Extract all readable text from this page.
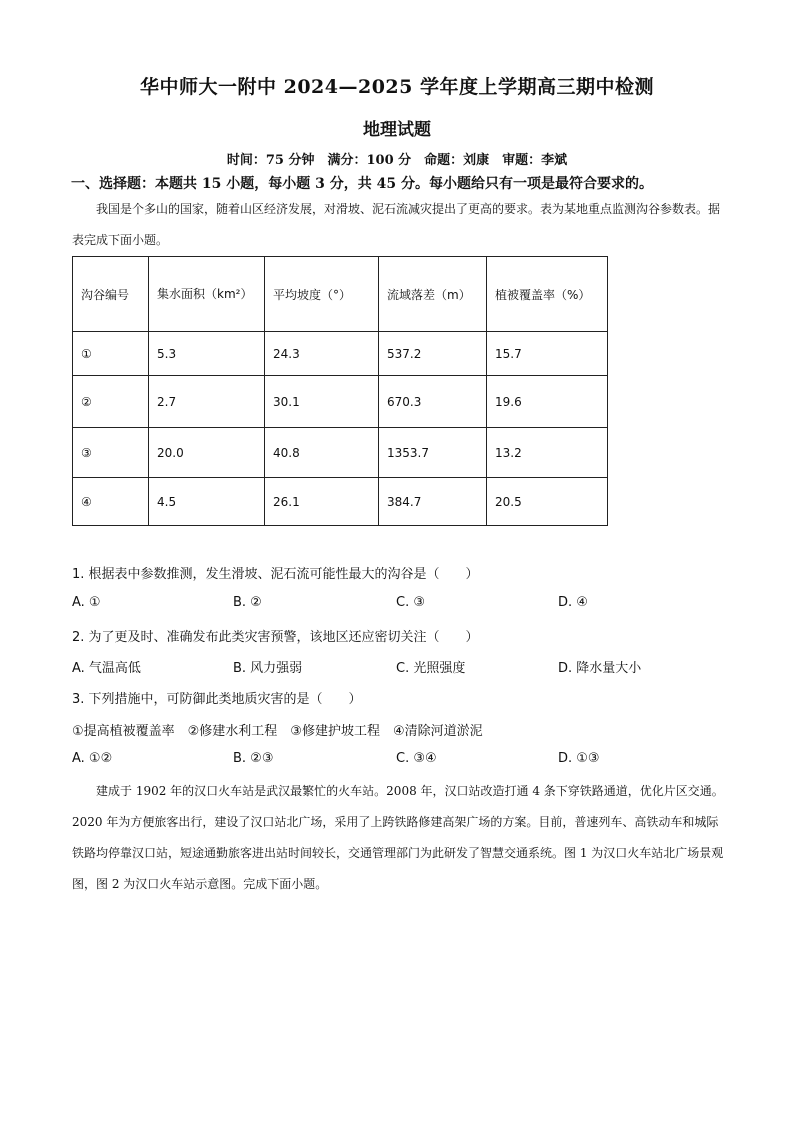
华中师大一附中 2024—2025 学年度上学期高三期中检测
地理试题
时间：75 分钟　满分：100 分　命题：刘康　审题：李斌
一、选择题：本题共 15 小题，每小题 3 分，共 45 分。每小题给只有一项是最符合要求的。
我国是个多山的国家，随着山区经济发展，对滑坡、泥石流减灾提出了更高的要求。表为某地重点监测沟谷参数表。据表完成下面小题。
沟谷编号	集水面积（km²）	平均坡度（°）	流域落差（m）	植被覆盖率（%）
①	5.3	24.3	537.2	15.7
②	2.7	30.1	670.3	19.6
③	20.0	40.8	1353.7	13.2
④	4.5	26.1	384.7	20.5
1. 根据表中参数推测，发生滑坡、泥石流可能性最大的沟谷是（　　）
A. ①	B. ②	C. ③	D. ④
2. 为了更及时、准确发布此类灾害预警，该地区还应密切关注（　　）
A. 气温高低	B. 风力强弱	C. 光照强度	D. 降水量大小
3. 下列措施中，可防御此类地质灾害的是（　　）
①提高植被覆盖率　②修建水利工程　③修建护坡工程　④清除河道淤泥
A. ①②	B. ②③	C. ③④	D. ①③
建成于 1902 年的汉口火车站是武汉最繁忙的火车站。2008 年，汉口站改造打通 4 条下穿铁路通道，优化片区交通。2020 年为方便旅客出行，建设了汉口站北广场，采用了上跨铁路修建高架广场的方案。目前，普速列车、高铁动车和城际铁路均停靠汉口站，短途通勤旅客进出站时间较长，交通管理部门为此研发了智慧交通系统。图 1 为汉口火车站北广场景观图，图 2 为汉口火车站示意图。完成下面小题。
